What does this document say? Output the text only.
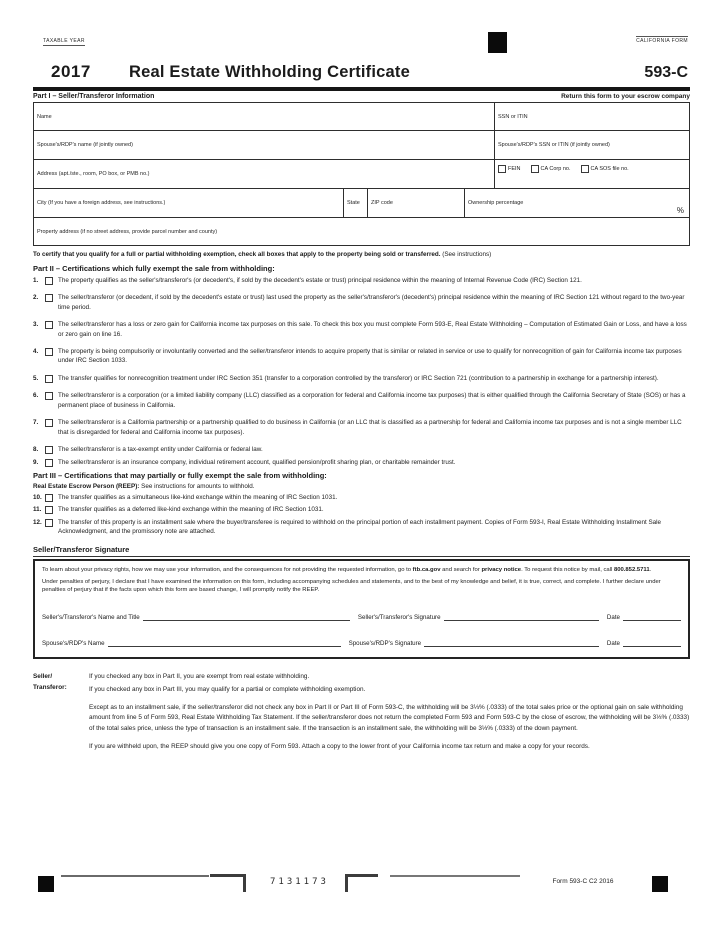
TAXABLE YEAR	CALIFORNIA FORM
2017 Real Estate Withholding Certificate	593-C
Part I – Seller/Transferor Information	Return this form to your escrow company
Name	SSN or ITIN
Spouse's/RDP's name (if jointly owned)	Spouse's/RDP's SSN or ITIN (if jointly owned)
Address (apt./ste., room, PO box, or PMB no.)
FEIN	CA Corp no.	CA SOS file no.
City (If you have a foreign address, see instructions.)	State	ZIP code	Ownership percentage
%
Property address (if no street address, provide parcel number and county)
To certify that you qualify for a full or partial withholding exemption, check all boxes that apply to the property being sold or transferred. (See instructions)
Part II – Certifications which fully exempt the sale from withholding:
1.	The property qualifies as the seller's/transferor's (or decedent's, if sold by the decedent's estate or trust) principal residence within the meaning of Internal Revenue Code (IRC) Section 121.
2.	The seller/transferor (or decedent, if sold by the decedent's estate or trust) last used the property as the seller's/transferor's (decedent's) principal residence within the meaning of IRC Section 121 without regard to the two-year time period.
3.	The seller/transferor has a loss or zero gain for California income tax purposes on this sale. To check this box you must complete Form 593-E, Real Estate Withholding – Computation of Estimated Gain or Loss, and have a loss or zero gain on line 16.
4.	The property is being compulsorily or involuntarily converted and the seller/transferor intends to acquire property that is similar or related in service or use to qualify for nonrecognition of gain for California income tax purposes under IRC Section 1033.
5.	The transfer qualifies for nonrecognition treatment under IRC Section 351 (transfer to a corporation controlled by the transferor) or IRC Section 721 (contribution to a partnership in exchange for a partnership interest).
6.	The seller/transferor is a corporation (or a limited liability company (LLC) classified as a corporation for federal and California income tax purposes) that is either qualified through the California Secretary of State (SOS) or has a permanent place of business in California.
7.	The seller/transferor is a California partnership or a partnership qualified to do business in California (or an LLC that is classified as a partnership for federal and California income tax purposes and is not a single member LLC that is disregarded for federal and California income tax purposes).
8.	The seller/transferor is a tax-exempt entity under California or federal law.
9.	The seller/transferor is an insurance company, individual retirement account, qualified pension/profit sharing plan, or charitable remainder trust.
Part III – Certifications that may partially or fully exempt the sale from withholding:
Real Estate Escrow Person (REEP): See instructions for amounts to withhold.
10.	The transfer qualifies as a simultaneous like-kind exchange within the meaning of IRC Section 1031.
11.	The transfer qualifies as a deferred like-kind exchange within the meaning of IRC Section 1031.
12.	The transfer of this property is an installment sale where the buyer/transferee is required to withhold on the principal portion of each installment payment. Copies of Form 593-I, Real Estate Withholding Installment Sale Acknowledgment, and the promissory note are attached.
Seller/Transferor Signature

To learn about your privacy rights, how we may use your information, and the consequences for not providing the requested information, go to ftb.ca.gov and search for privacy notice. To request this notice by mail, call 800.852.5711.

Under penalties of perjury, I declare that I have examined the information on this form, including accompanying schedules and statements, and to the best of my knowledge and belief, it is true, correct, and complete. I further declare under penalties of perjury that if the facts upon which this form are based change, I will promptly notify the REEP.

Seller's/Transferor's Name and Title	Seller's/Transferor's Signature	Date
Spouse's/RDP's Name	Spouse's/RDP's Signature	Date
Seller/
Transferor:
If you checked any box in Part II, you are exempt from real estate withholding.
If you checked any box in Part III, you may qualify for a partial or complete withholding exemption.
Except as to an installment sale, if the seller/transferor did not check any box in Part II or Part III of Form 593-C, the withholding will be 3⅓% (.0333) of the total sales price or the optional gain on sale withholding amount from line 5 of Form 593, Real Estate Withholding Tax Statement. If the seller/transferor does not return the completed Form 593 and Form 593-C by the close of escrow, the withholding will be 3⅓% (.0333) of the total sales price, unless the type of transaction is an installment sale. If the transaction is an installment sale, the withholding will be 3⅓% (.0333) of the down payment.
If you are withheld upon, the REEP should give you one copy of Form 593. Attach a copy to the lower front of your California income tax return and make a copy for your records.
7131173	Form 593-C C2 2016
